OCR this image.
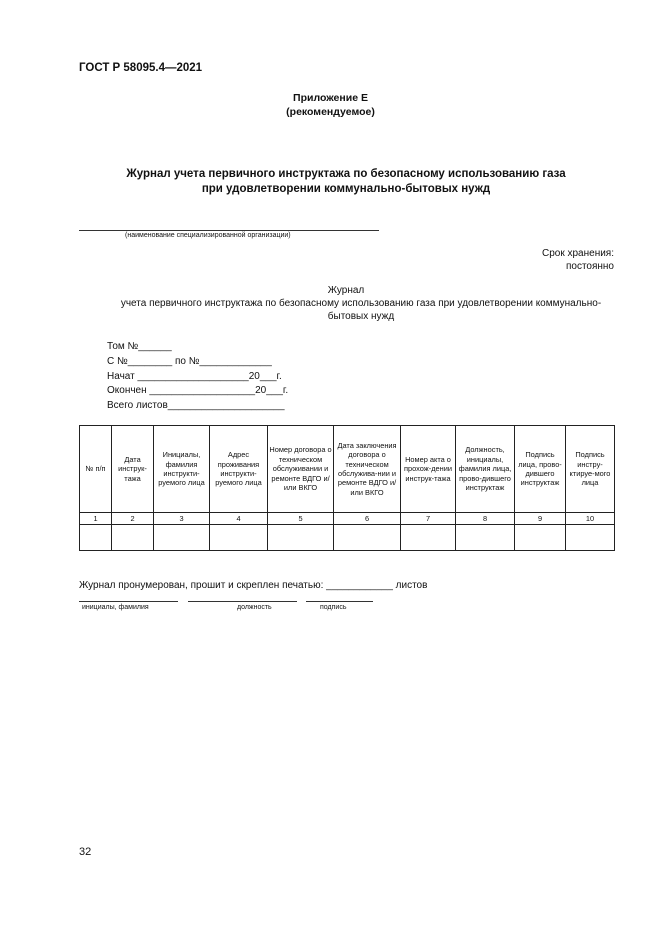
ГОСТ Р 58095.4—2021
Приложение Е
(рекомендуемое)
Журнал учета первичного инструктажа по безопасному использованию газа
при удовлетворении коммунально-бытовых нужд
(наименование специализированной организации)
Срок хранения:
постоянно
Журнал
учета первичного инструктажа по безопасному использованию газа при удовлетворении коммунально-бытовых нужд
Том №______
С №________ по №_____________
Начат ____________________20___г.
Окончен ___________________20___г.
Всего листов_____________________
№ п/п	Дата инструк-тажа	Инициалы, фамилия инструкти-руемого лица	Адрес проживания инструкти-руемого лица	Номер договора о техническом обслуживании и ремонте ВДГО и/или ВКГО	Дата заключения договора о техническом обслужива-нии и ремонте ВДГО и/или ВКГО	Номер акта о прохож-дении инструк-тажа	Должность, инициалы, фамилия лица, прово-дившего инструктаж	Подпись лица, прово-дившего инструктаж	Подпись инстру-ктируе-мого лица
1	2	3	4	5	6	7	8	9	10

Журнал пронумерован, прошит и скреплен печатью: ____________ листов
инициалы, фамилия	должность	подпись
32
